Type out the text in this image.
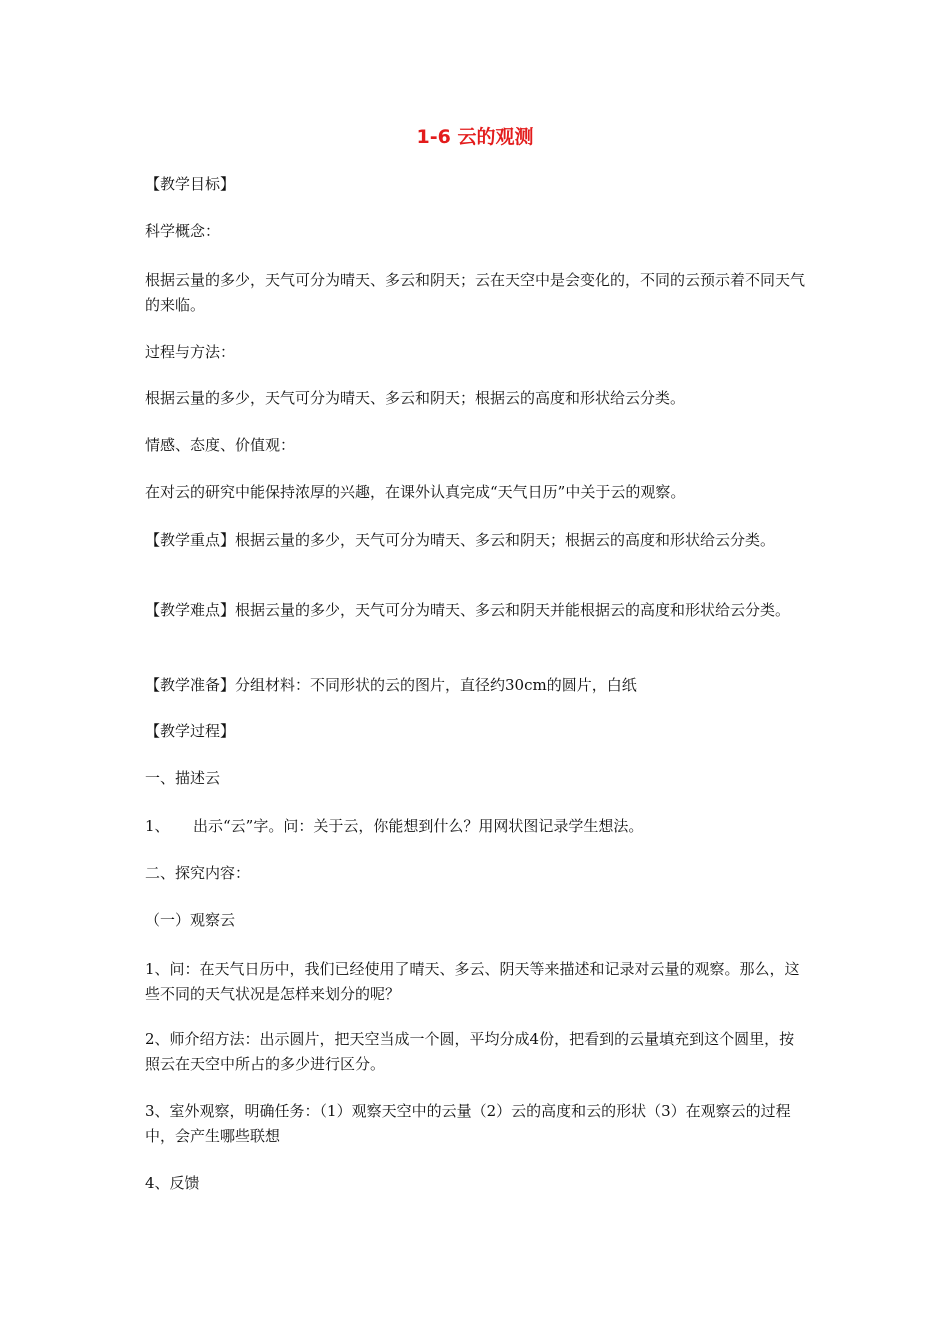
1-6 云的观测

【教学目标】

科学概念：

根据云量的多少，天气可分为晴天、多云和阴天；云在天空中是会变化的，不同的云预示着不同天气的来临。

过程与方法：

根据云量的多少，天气可分为晴天、多云和阴天；根据云的高度和形状给云分类。

情感、态度、价值观：

在对云的研究中能保持浓厚的兴趣，在课外认真完成“天气日历”中关于云的观察。

【教学重点】根据云量的多少，天气可分为晴天、多云和阴天；根据云的高度和形状给云分类。

【教学难点】根据云量的多少，天气可分为晴天、多云和阴天并能根据云的高度和形状给云分类。

【教学准备】分组材料：不同形状的云的图片，直径约30cm的圆片，白纸

【教学过程】

一、描述云

1、 出示“云”字。问：关于云，你能想到什么？用网状图记录学生想法。

二、探究内容：

（一）观察云

1、问：在天气日历中，我们已经使用了晴天、多云、阴天等来描述和记录对云量的观察。那么，这些不同的天气状况是怎样来划分的呢？

2、师介绍方法：出示圆片，把天空当成一个圆，平均分成4份，把看到的云量填充到这个圆里，按照云在天空中所占的多少进行区分。

3、室外观察，明确任务：（1）观察天空中的云量（2）云的高度和云的形状（3）在观察云的过程中，会产生哪些联想

4、反馈
